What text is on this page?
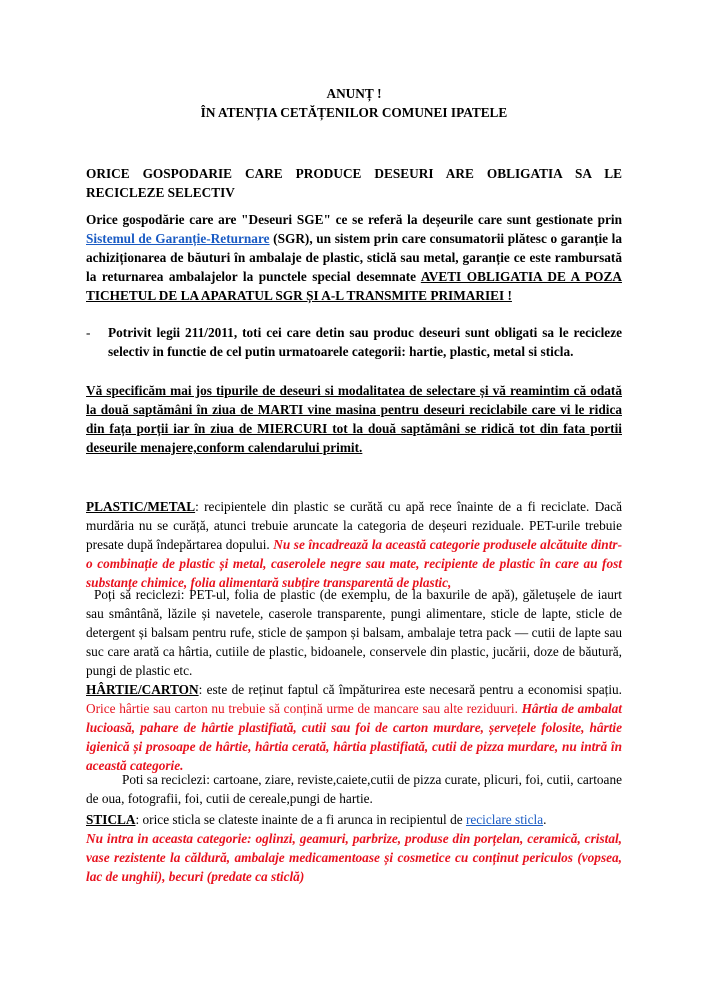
ANUNȚ !
ÎN ATENȚIA CETĂȚENILOR COMUNEI IPATELE

ORICE GOSPODARIE CARE PRODUCE DESEURI ARE OBLIGATIA SA LE RECICLEZE SELECTIV

Orice gospodărie care are "Deseuri SGE" ce se referă la deșeurile care sunt gestionate prin Sistemul de Garanție-Returnare (SGR), un sistem prin care consumatorii plătesc o garanție la achiziționarea de băuturi în ambalaje de plastic, sticlă sau metal, garanție ce este rambursată la returnarea ambalajelor la punctele special desemnate AVETI OBLIGATIA DE A POZA TICHETUL DE LA APARATUL SGR ȘI A-L TRANSMITE PRIMARIEI !

- Potrivit legii 211/2011, toti cei care detin sau produc deseuri sunt obligati sa le recicleze selectiv in functie de cel putin urmatoarele categorii: hartie, plastic, metal si sticla.

Vă specificăm mai jos tipurile de deseuri si modalitatea de selectare și vă reamintim că odată la două saptămâni în ziua de MARTI vine masina pentru deseuri reciclabile care vi le ridica din fața porții iar în ziua de MIERCURI tot la două saptămâni se ridică tot din fata portii deseurile menajere,conform calendarului primit.

PLASTIC/METAL: recipientele din plastic se curătă cu apă rece înainte de a fi reciclate. Dacă murdăria nu se curăță, atunci trebuie aruncate la categoria de deșeuri reziduale. PET-urile trebuie presate după îndepărtarea dopului. Nu se încadrează la această categorie produsele alcătuite dintr-o combinație de plastic și metal, caserolele negre sau mate, recipiente de plastic în care au fost substanțe chimice, folia alimentară subțire transparentă de plastic,

Poți să reciclezi: PET-ul, folia de plastic (de exemplu, de la baxurile de apă), găletușele de iaurt sau smântână, lăzile și navetele, caserole transparente, pungi alimentare, sticle de lapte, sticle de detergent și balsam pentru rufe, sticle de șampon și balsam, ambalaje tetra pack — cutii de lapte sau suc care arată ca hârtia, cutiile de plastic, bidoanele, conservele din plastic, jucării, doze de băutură, pungi de plastic etc.

HÂRTIE/CARTON: este de reținut faptul că împăturirea este necesară pentru a economisi spațiu. Orice hârtie sau carton nu trebuie să conțină urme de mancare sau alte reziduuri. Hârtia de ambalat lucioasă, pahare de hârtie plastifiată, cutii sau foi de carton murdare, șervețele folosite, hârtie igienică și prosoape de hârtie, hârtia cerată, hârtia plastifiată, cutii de pizza murdare, nu intră în această categorie.

Poti sa reciclezi: cartoane, ziare, reviste,caiete,cutii de pizza curate, plicuri, foi, cutii, cartoane de oua, fotografii, foi, cutii de cereale,pungi de hartie.

STICLA: orice sticla se clateste inainte de a fi arunca in recipientul de reciclare sticla.
Nu intra in aceasta categorie: oglinzi, geamuri, parbrize, produse din porțelan, ceramică, cristal, vase rezistente la căldură, ambalaje medicamentoase și cosmetice cu conținut periculos (vopsea, lac de unghii), becuri (predate ca sticlă)
